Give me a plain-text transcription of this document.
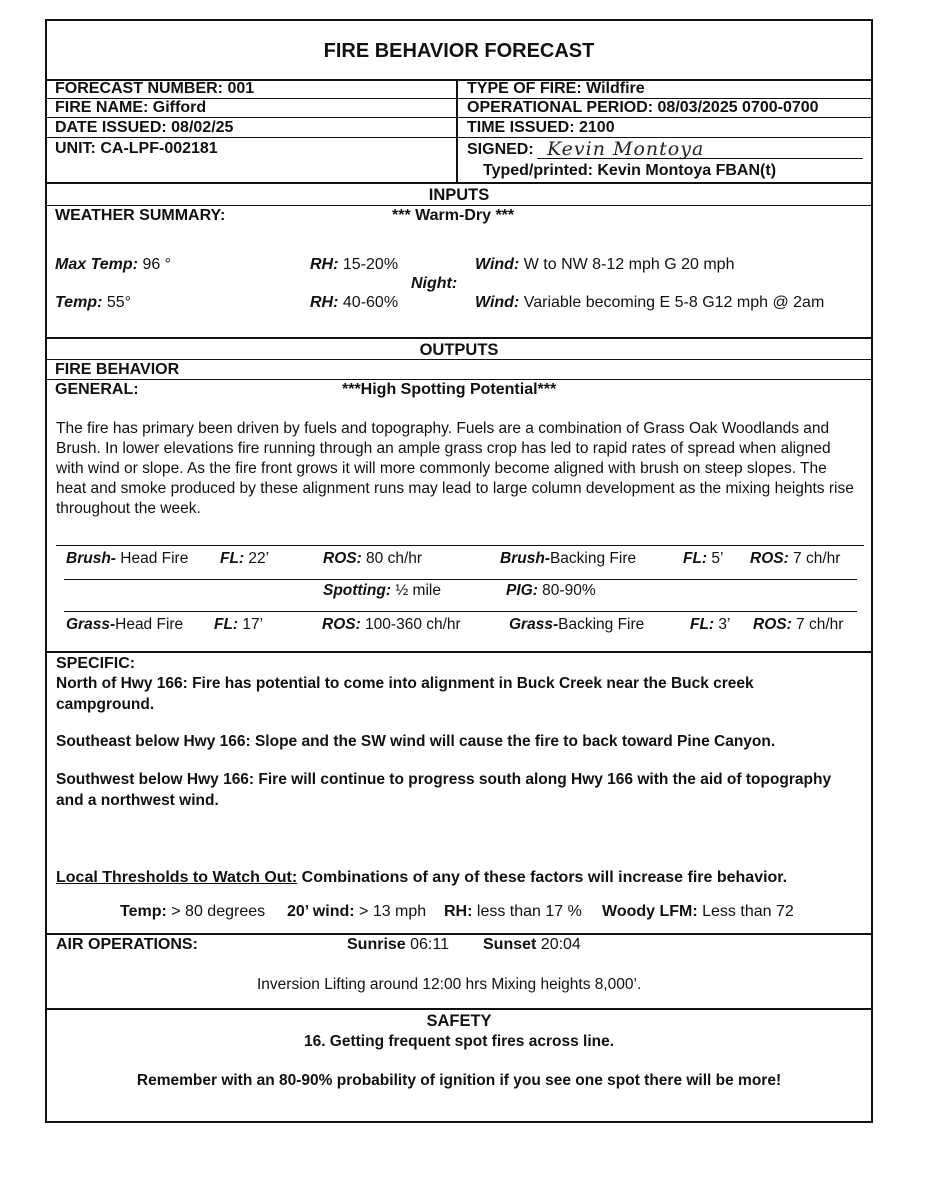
FIRE BEHAVIOR FORECAST
FORECAST NUMBER: 001	TYPE OF FIRE: Wildfire
FIRE NAME: Gifford	OPERATIONAL PERIOD: 08/03/2025 0700-0700
DATE ISSUED: 08/02/25	TIME ISSUED: 2100
UNIT: CA-LPF-002181	SIGNED: Kevin Montoya
Typed/printed: Kevin Montoya FBAN(t)
INPUTS
WEATHER SUMMARY:	*** Warm-Dry ***
Max Temp: 96 °	RH: 15-20%	Wind: W to NW 8-12 mph G 20 mph
Night:
Temp: 55°	RH: 40-60%	Wind: Variable becoming E 5-8 G12 mph @ 2am
OUTPUTS
FIRE BEHAVIOR
GENERAL:	***High Spotting Potential***
The fire has primary been driven by fuels and topography. Fuels are a combination of Grass Oak Woodlands and Brush. In lower elevations fire running through an ample grass crop has led to rapid rates of spread when aligned with wind or slope. As the fire front grows it will more commonly become aligned with brush on steep slopes. The heat and smoke produced by these alignment runs may lead to large column development as the mixing heights rise throughout the week.
Brush- Head Fire FL: 22’	ROS: 80 ch/hr	Brush-Backing Fire	FL: 5’ ROS: 7 ch/hr
Spotting: ½ mile	PIG: 80-90%
Grass-Head Fire FL: 17’	ROS: 100-360 ch/hr	Grass-Backing Fire	FL: 3’ ROS: 7 ch/hr
SPECIFIC:
North of Hwy 166: Fire has potential to come into alignment in Buck Creek near the Buck creek campground.
Southeast below Hwy 166: Slope and the SW wind will cause the fire to back toward Pine Canyon.
Southwest below Hwy 166: Fire will continue to progress south along Hwy 166 with the aid of topography and a northwest wind.
Local Thresholds to Watch Out: Combinations of any of these factors will increase fire behavior.
Temp: > 80 degrees 20’ wind: > 13 mph RH: less than 17 % Woody LFM: Less than 72
AIR OPERATIONS:	Sunrise 06:11 Sunset 20:04
Inversion Lifting around 12:00 hrs Mixing heights 8,000’.
SAFETY
16. Getting frequent spot fires across line.
Remember with an 80-90% probability of ignition if you see one spot there will be more!
